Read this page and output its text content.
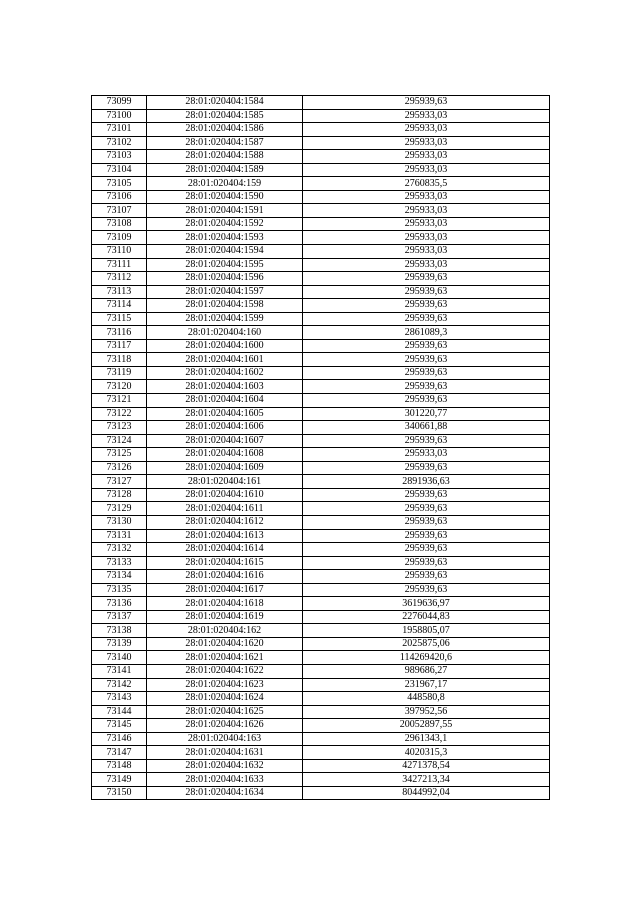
73099	28:01:020404:1584	295939,63
73100	28:01:020404:1585	295933,03
73101	28:01:020404:1586	295933,03
73102	28:01:020404:1587	295933,03
73103	28:01:020404:1588	295933,03
73104	28:01:020404:1589	295933,03
73105	28:01:020404:159	2760835,5
73106	28:01:020404:1590	295933,03
73107	28:01:020404:1591	295933,03
73108	28:01:020404:1592	295933,03
73109	28:01:020404:1593	295933,03
73110	28:01:020404:1594	295933,03
73111	28:01:020404:1595	295933,03
73112	28:01:020404:1596	295939,63
73113	28:01:020404:1597	295939,63
73114	28:01:020404:1598	295939,63
73115	28:01:020404:1599	295939,63
73116	28:01:020404:160	2861089,3
73117	28:01:020404:1600	295939,63
73118	28:01:020404:1601	295939,63
73119	28:01:020404:1602	295939,63
73120	28:01:020404:1603	295939,63
73121	28:01:020404:1604	295939,63
73122	28:01:020404:1605	301220,77
73123	28:01:020404:1606	340661,88
73124	28:01:020404:1607	295939,63
73125	28:01:020404:1608	295933,03
73126	28:01:020404:1609	295939,63
73127	28:01:020404:161	2891936,63
73128	28:01:020404:1610	295939,63
73129	28:01:020404:1611	295939,63
73130	28:01:020404:1612	295939,63
73131	28:01:020404:1613	295939,63
73132	28:01:020404:1614	295939,63
73133	28:01:020404:1615	295939,63
73134	28:01:020404:1616	295939,63
73135	28:01:020404:1617	295939,63
73136	28:01:020404:1618	3619636,97
73137	28:01:020404:1619	2276044,83
73138	28:01:020404:162	1958805,07
73139	28:01:020404:1620	2025875,06
73140	28:01:020404:1621	114269420,6
73141	28:01:020404:1622	989686,27
73142	28:01:020404:1623	231967,17
73143	28:01:020404:1624	448580,8
73144	28:01:020404:1625	397952,56
73145	28:01:020404:1626	20052897,55
73146	28:01:020404:163	2961343,1
73147	28:01:020404:1631	4020315,3
73148	28:01:020404:1632	4271378,54
73149	28:01:020404:1633	3427213,34
73150	28:01:020404:1634	8044992,04
